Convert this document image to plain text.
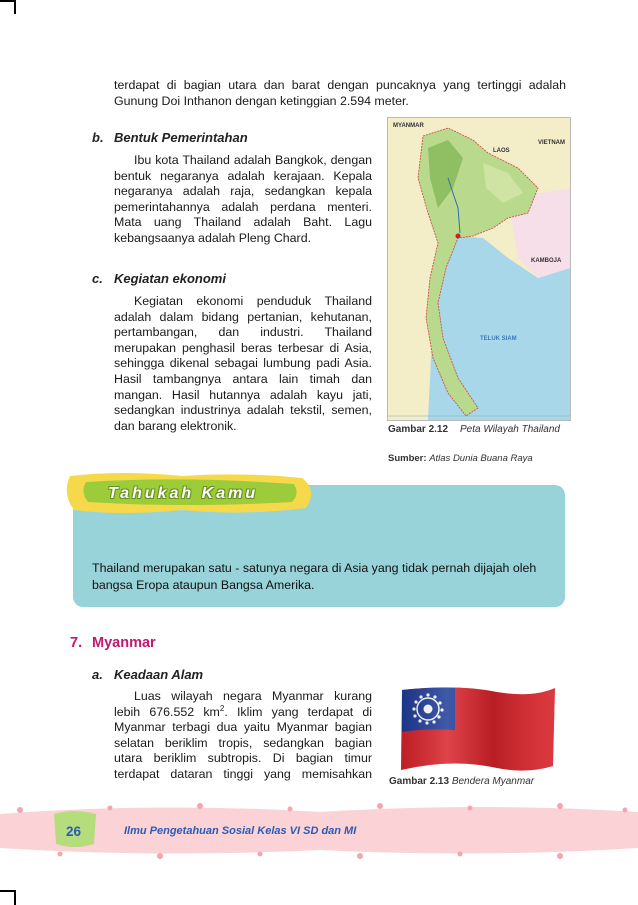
terdapat di bagian utara dan barat dengan puncaknya yang tertinggi adalah Gunung Doi Inthanon dengan ketinggian 2.594 meter.

b. Bentuk Pemerintahan

Ibu kota Thailand adalah Bangkok, dengan bentuk negaranya adalah kerajaan. Kepala negaranya adalah raja, sedangkan kepala pemerintahannya adalah perdana menteri. Mata uang Thailand adalah Baht. Lagu kebangsaanya adalah Pleng Chard.

c. Kegiatan ekonomi

Kegiatan ekonomi penduduk Thailand adalah dalam bidang pertanian, kehutanan, pertambangan, dan industri. Thailand merupakan penghasil beras terbesar di Asia, sehingga dikenal sebagai lumbung padi Asia. Hasil tambangnya antara lain timah dan mangan. Hasil hutannya adalah kayu jati, sedangkan industrinya adalah tekstil, semen, dan barang elektronik.

MYANMAR
LAOS
VIETNAM
KAMBOJA
TELUK SIAM
Gambar 2.12 Peta Wilayah Thailand
Sumber: Atlas Dunia Buana Raya
Tahukah Kamu

Thailand merupakan satu - satunya negara di Asia yang tidak pernah dijajah oleh bangsa Eropa ataupun Bangsa Amerika.

7. Myanmar
a. Keadaan Alam

Luas wilayah negara Myanmar kurang lebih 676.552 $km^2$. Iklim yang terdapat di Myanmar terbagi dua yaitu Myanmar bagian selatan beriklim tropis, sedangkan bagian utara beriklim subtropis. Di bagian timur terdapat dataran tinggi yang memisahkan

Gambar 2.13 Bendera Myanmar
26	Ilmu Pengetahuan Sosial Kelas VI SD dan MI
